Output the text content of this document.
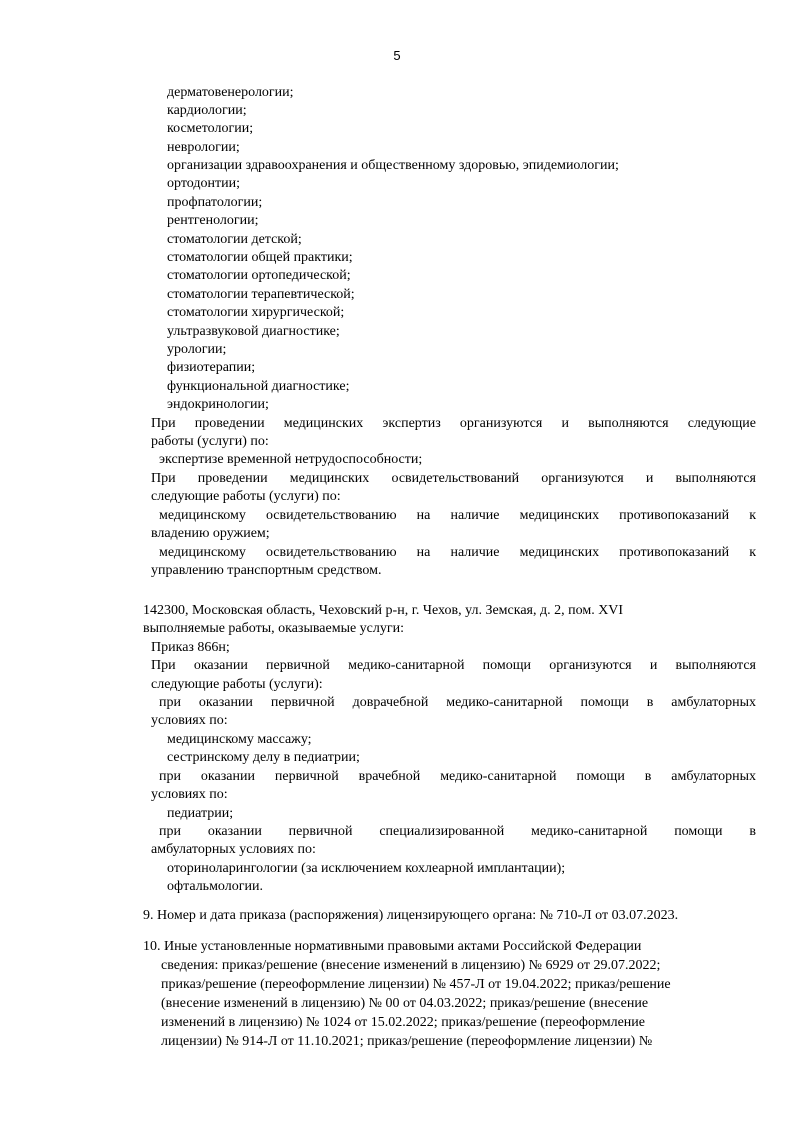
5
дерматовенерологии;
кардиологии;
косметологии;
неврологии;
организации здравоохранения и общественному здоровью, эпидемиологии;
ортодонтии;
профпатологии;
рентгенологии;
стоматологии детской;
стоматологии общей практики;
стоматологии ортопедической;
стоматологии терапевтической;
стоматологии хирургической;
ультразвуковой диагностике;
урологии;
физиотерапии;
функциональной диагностике;
эндокринологии;
При проведении медицинских экспертиз организуются и выполняются следующие
работы (услуги) по:
экспертизе временной нетрудоспособности;
При проведении медицинских освидетельствований организуются и выполняются
следующие работы (услуги) по:
медицинскому освидетельствованию на наличие медицинских противопоказаний к
владению оружием;
медицинскому освидетельствованию на наличие медицинских противопоказаний к
управлению транспортным средством.
142300, Московская область, Чеховский р-н, г. Чехов, ул. Земская, д. 2, пом. XVI
выполняемые работы, оказываемые услуги:
Приказ 866н;
При оказании первичной медико-санитарной помощи организуются и выполняются
следующие работы (услуги):
при оказании первичной доврачебной медико-санитарной помощи в амбулаторных
условиях по:
медицинскому массажу;
сестринскому делу в педиатрии;
при оказании первичной врачебной медико-санитарной помощи в амбулаторных
условиях по:
педиатрии;
при оказании первичной специализированной медико-санитарной помощи в
амбулаторных условиях по:
оториноларингологии (за исключением кохлеарной имплантации);
офтальмологии.
9. Номер и дата приказа (распоряжения) лицензирующего органа: № 710-Л от 03.07.2023.
10. Иные установленные нормативными правовыми актами Российской Федерации
сведения: приказ/решение (внесение изменений в лицензию) № 6929 от 29.07.2022;
приказ/решение (переоформление лицензии) № 457-Л от 19.04.2022; приказ/решение
(внесение изменений в лицензию) № 00 от 04.03.2022; приказ/решение (внесение
изменений в лицензию) № 1024 от 15.02.2022; приказ/решение (переоформление
лицензии) № 914-Л от 11.10.2021; приказ/решение (переоформление лицензии) №
